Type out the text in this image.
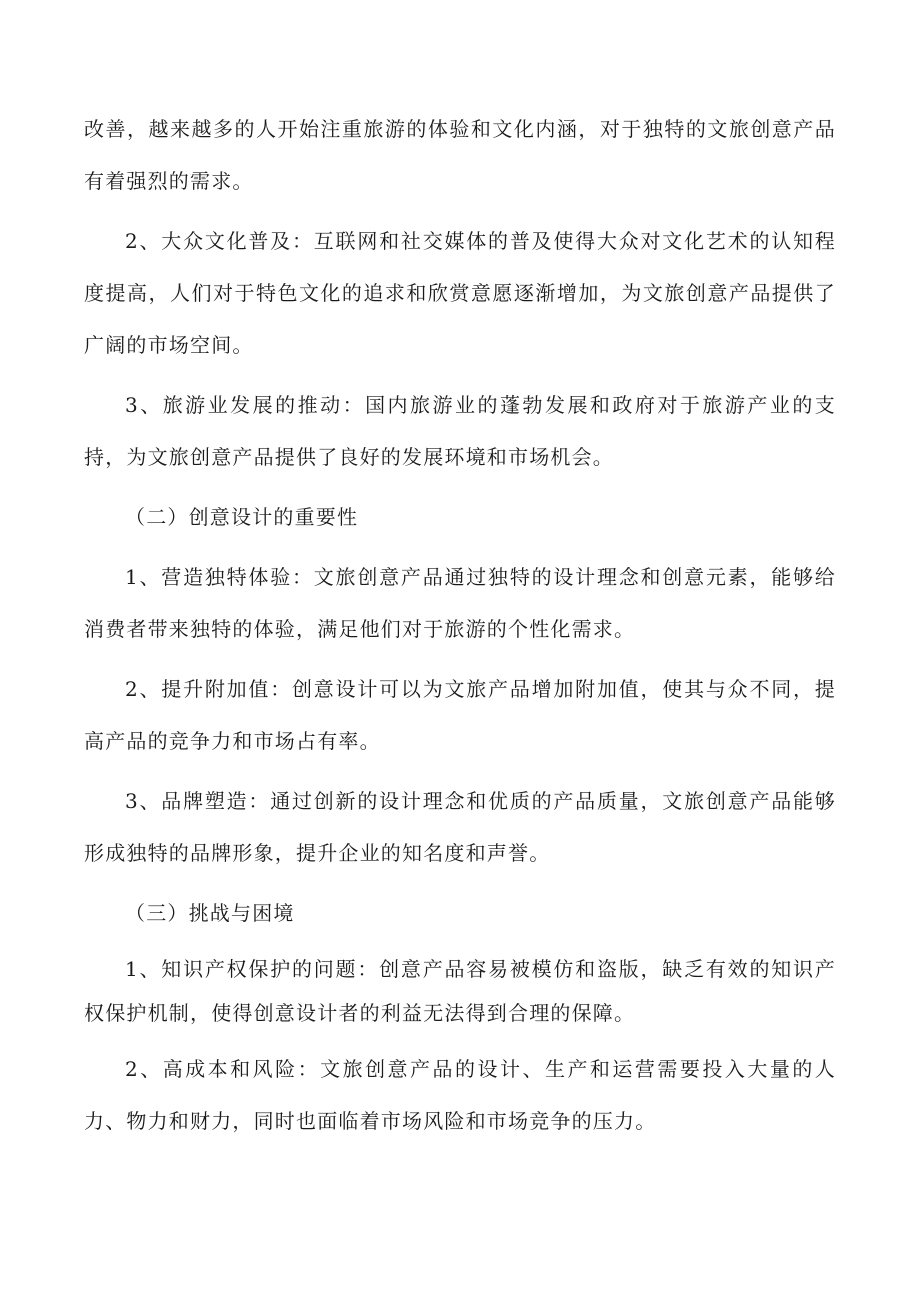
改善，越来越多的人开始注重旅游的体验和文化内涵，对于独特的文旅创意产品有着强烈的需求。

2、大众文化普及：互联网和社交媒体的普及使得大众对文化艺术的认知程度提高，人们对于特色文化的追求和欣赏意愿逐渐增加，为文旅创意产品提供了广阔的市场空间。

3、旅游业发展的推动：国内旅游业的蓬勃发展和政府对于旅游产业的支持，为文旅创意产品提供了良好的发展环境和市场机会。

（二）创意设计的重要性

1、营造独特体验：文旅创意产品通过独特的设计理念和创意元素，能够给消费者带来独特的体验，满足他们对于旅游的个性化需求。

2、提升附加值：创意设计可以为文旅产品增加附加值，使其与众不同，提高产品的竞争力和市场占有率。

3、品牌塑造：通过创新的设计理念和优质的产品质量，文旅创意产品能够形成独特的品牌形象，提升企业的知名度和声誉。

（三）挑战与困境

1、知识产权保护的问题：创意产品容易被模仿和盗版，缺乏有效的知识产权保护机制，使得创意设计者的利益无法得到合理的保障。

2、高成本和风险：文旅创意产品的设计、生产和运营需要投入大量的人力、物力和财力，同时也面临着市场风险和市场竞争的压力。
